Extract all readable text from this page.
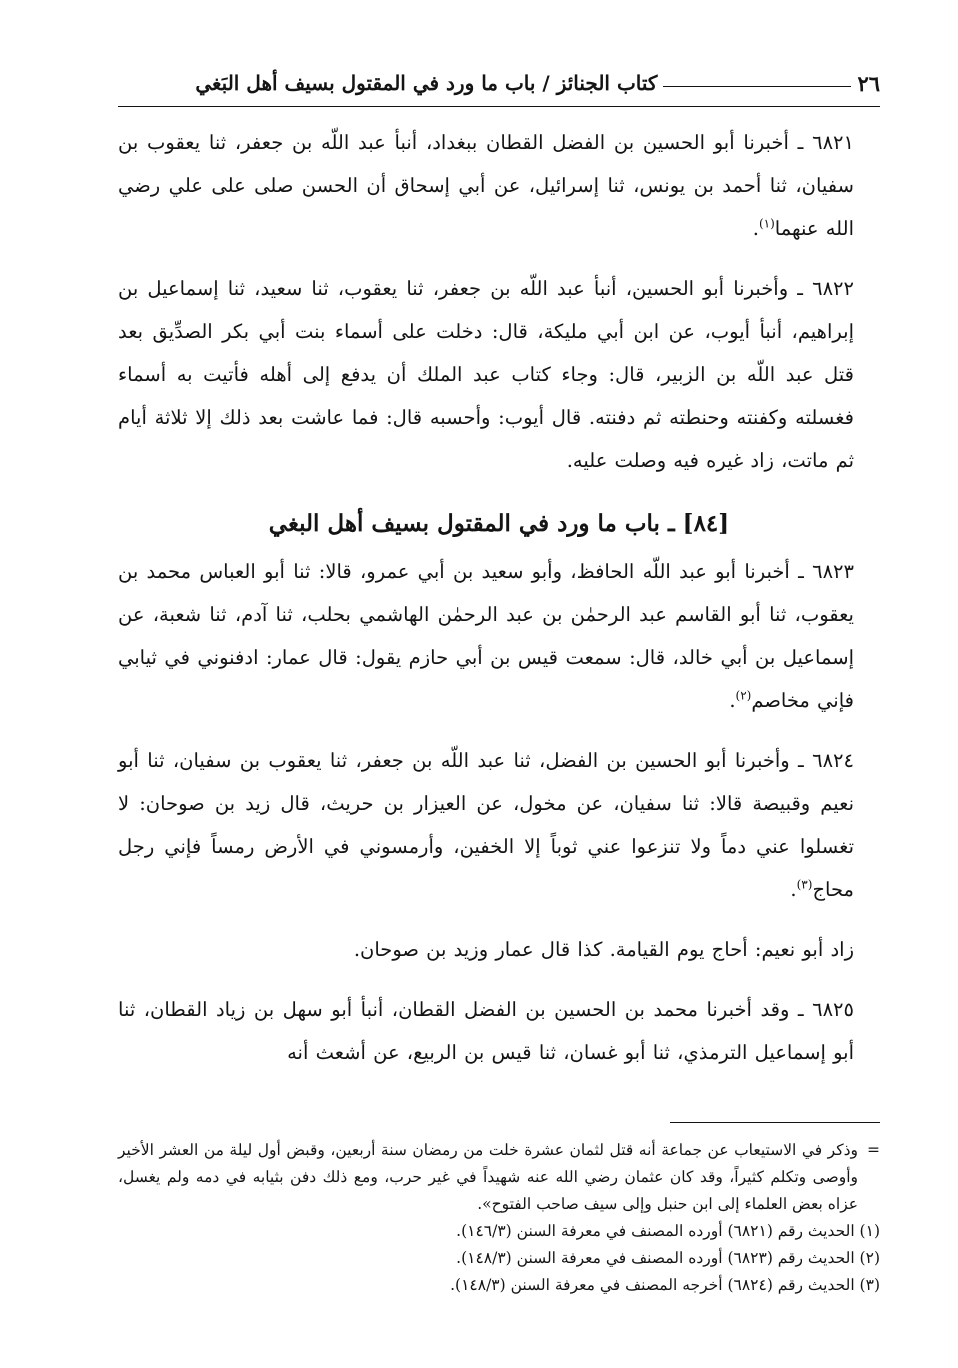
٢٦
كتاب الجنائز / باب ما ورد في المقتول بسيف أهل البَغي

٦٨٢١ ـ أخبرنا أبو الحسين بن الفضل القطان ببغداد، أنبأ عبد اللّه بن جعفر، ثنا يعقوب بن سفيان، ثنا أحمد بن يونس، ثنا إسرائيل، عن أبي إسحاق أن الحسن صلى على علي رضي الله عنهما$^{(١)}$.

٦٨٢٢ ـ وأخبرنا أبو الحسين، أنبأ عبد اللّه بن جعفر، ثنا يعقوب، ثنا سعيد، ثنا إسماعيل بن إبراهيم، أنبأ أيوب، عن ابن أبي مليكة، قال: دخلت على أسماء بنت أبي بكر الصدِّيق بعد قتل عبد اللّه بن الزبير، قال: وجاء كتاب عبد الملك أن يدفع إلى أهله فأتيت به أسماء فغسلته وكفنته وحنطته ثم دفنته. قال أيوب: وأحسبه قال: فما عاشت بعد ذلك إلا ثلاثة أيام ثم ماتت، زاد غيره فيه وصلت عليه.

[٨٤] ـ باب ما ورد في المقتول بسيف أهل البغي

٦٨٢٣ ـ أخبرنا أبو عبد اللّه الحافظ، وأبو سعيد بن أبي عمرو، قالا: ثنا أبو العباس محمد بن يعقوب، ثنا أبو القاسم عبد الرحمٰن بن عبد الرحمٰن الهاشمي بحلب، ثنا آدم، ثنا شعبة، عن إسماعيل بن أبي خالد، قال: سمعت قيس بن أبي حازم يقول: قال عمار: ادفنوني في ثيابي فإني مخاصم$^{(٢)}$.

٦٨٢٤ ـ وأخبرنا أبو الحسين بن الفضل، ثنا عبد اللّه بن جعفر، ثنا يعقوب بن سفيان، ثنا أبو نعيم وقبيصة قالا: ثنا سفيان، عن مخول، عن العيزار بن حريث، قال زيد بن صوحان: لا تغسلوا عني دماً ولا تنزعوا عني ثوباً إلا الخفين، وأرمسوني في الأرض رمساً فإني رجل محاج$^{(٣)}$.

زاد أبو نعيم: أحاج يوم القيامة. كذا قال عمار وزيد بن صوحان.

٦٨٢٥ ـ وقد أخبرنا محمد بن الحسين بن الفضل القطان، أنبأ أبو سهل بن زياد القطان، ثنا أبو إسماعيل الترمذي، ثنا أبو غسان، ثنا قيس بن الربيع، عن أشعث أنه

=
وذكر في الاستيعاب عن جماعة أنه قتل لثمان عشرة خلت من رمضان سنة أربعين، وقبض أول ليلة من العشر الأخير وأوصى وتكلم كثيراً، وقد كان عثمان رضي الله عنه شهيداً في غير حرب، ومع ذلك دفن بثيابه في دمه ولم يغسل، عزاه بعض العلماء إلى ابن حنبل وإلى سيف صاحب الفتوح».

(١) الحديث رقم (٦٨٢١) أورده المصنف في معرفة السنن (١٤٦/٣).

(٢) الحديث رقم (٦٨٢٣) أورده المصنف في معرفة السنن (١٤٨/٣).

(٣) الحديث رقم (٦٨٢٤) أخرجه المصنف في معرفة السنن (١٤٨/٣).
